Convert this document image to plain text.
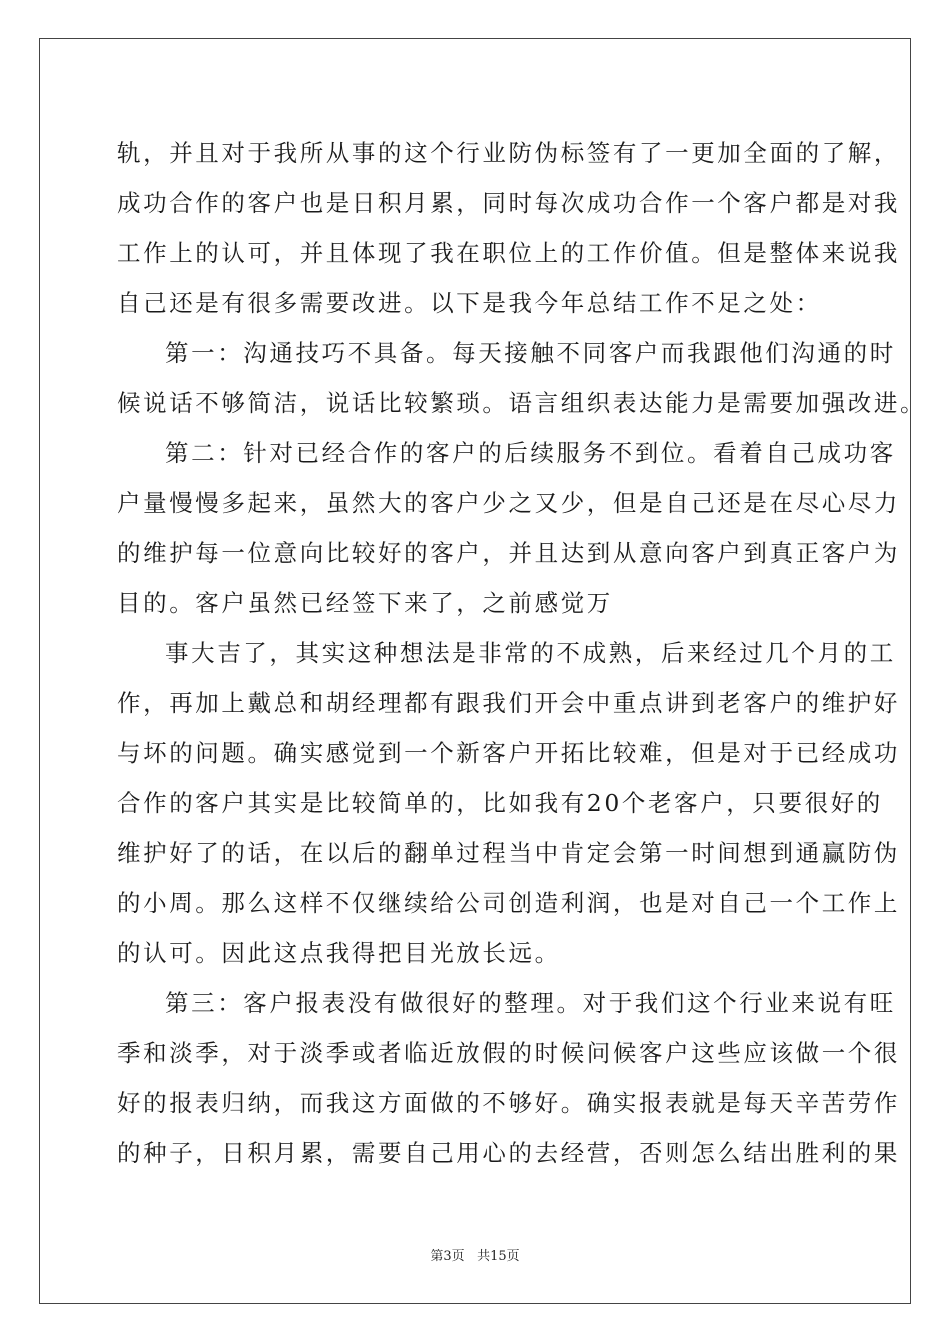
轨，并且对于我所从事的这个行业防伪标签有了一更加全面的了解，
成功合作的客户也是日积月累，同时每次成功合作一个客户都是对我
工作上的认可，并且体现了我在职位上的工作价值。但是整体来说我
自己还是有很多需要改进。以下是我今年总结工作不足之处：
第一：沟通技巧不具备。每天接触不同客户而我跟他们沟通的时
候说话不够简洁，说话比较繁琐。语言组织表达能力是需要加强改进。
第二：针对已经合作的客户的后续服务不到位。看着自己成功客
户量慢慢多起来，虽然大的客户少之又少，但是自己还是在尽心尽力
的维护每一位意向比较好的客户，并且达到从意向客户到真正客户为
目的。客户虽然已经签下来了，之前感觉万
事大吉了，其实这种想法是非常的不成熟，后来经过几个月的工
作，再加上戴总和胡经理都有跟我们开会中重点讲到老客户的维护好
与坏的问题。确实感觉到一个新客户开拓比较难，但是对于已经成功
合作的客户其实是比较简单的，比如我有20个老客户，只要很好的
维护好了的话，在以后的翻单过程当中肯定会第一时间想到通赢防伪
的小周。那么这样不仅继续给公司创造利润，也是对自己一个工作上
的认可。因此这点我得把目光放长远。
第三：客户报表没有做很好的整理。对于我们这个行业来说有旺
季和淡季，对于淡季或者临近放假的时候问候客户这些应该做一个很
好的报表归纳，而我这方面做的不够好。确实报表就是每天辛苦劳作
的种子，日积月累，需要自己用心的去经营，否则怎么结出胜利的果
第3页 共15页
